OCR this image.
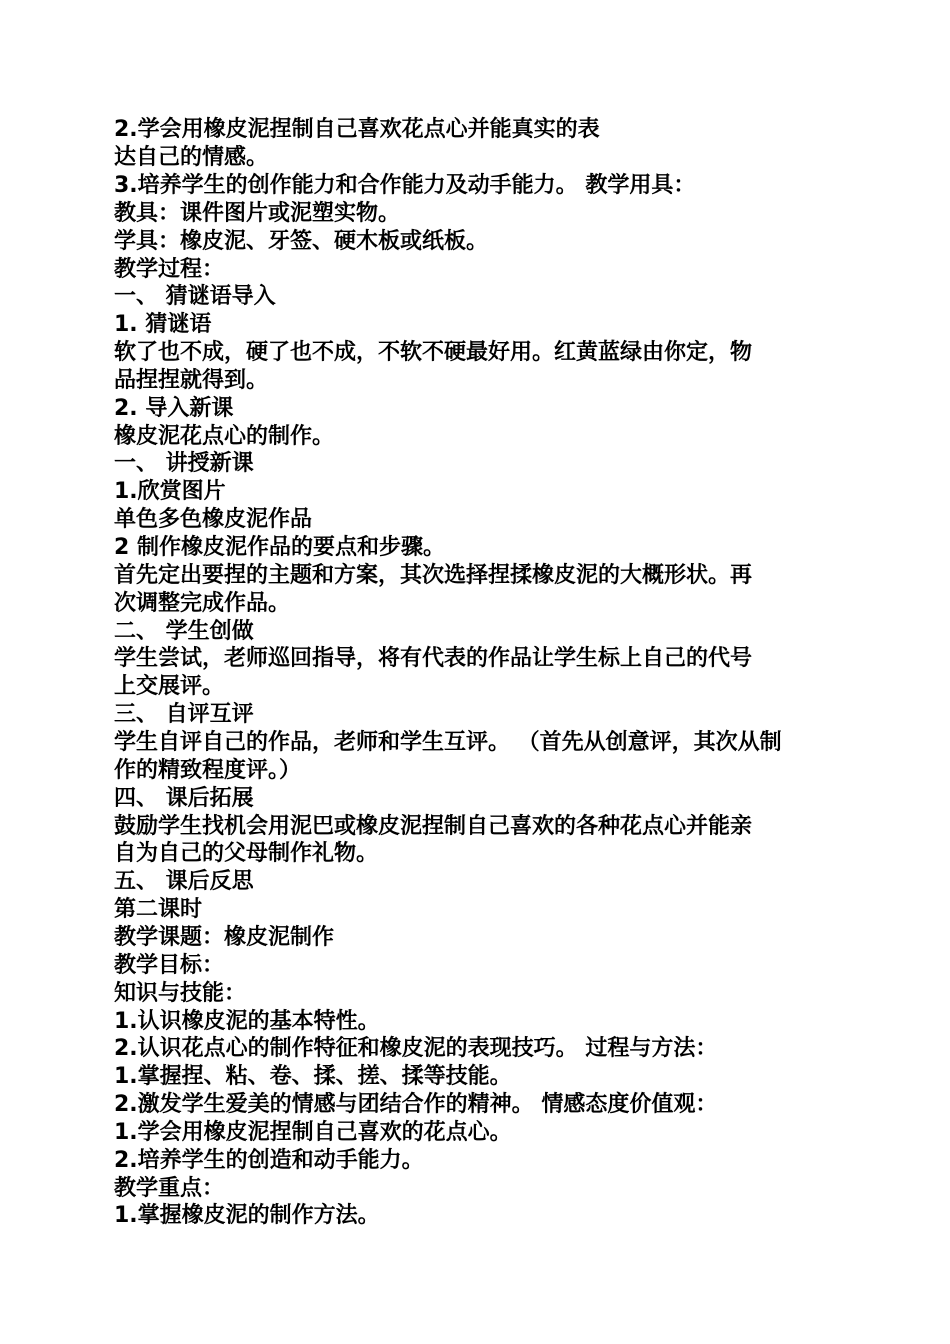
2.学会用橡皮泥捏制自己喜欢花点心并能真实的表
达自己的情感。
3.培养学生的创作能力和合作能力及动手能力。 教学用具：
教具：课件图片或泥塑实物。
学具：橡皮泥、牙签、硬木板或纸板。
教学过程：
一、 猜谜语导入
1. 猜谜语
软了也不成，硬了也不成，不软不硬最好用。红黄蓝绿由你定，物
品捏捏就得到。
2. 导入新课
橡皮泥花点心的制作。
一、 讲授新课
1.欣赏图片
单色多色橡皮泥作品
2 制作橡皮泥作品的要点和步骤。
首先定出要捏的主题和方案，其次选择捏揉橡皮泥的大概形状。再
次调整完成作品。
二、 学生创做
学生尝试，老师巡回指导，将有代表的作品让学生标上自己的代号
上交展评。
三、 自评互评
学生自评自己的作品，老师和学生互评。 （首先从创意评，其次从制
作的精致程度评。）
四、 课后拓展
鼓励学生找机会用泥巴或橡皮泥捏制自己喜欢的各种花点心并能亲
自为自己的父母制作礼物。
五、 课后反思
第二课时
教学课题：橡皮泥制作
教学目标：
知识与技能：
1.认识橡皮泥的基本特性。
2.认识花点心的制作特征和橡皮泥的表现技巧。 过程与方法：
1.掌握捏、粘、卷、揉、搓、揉等技能。
2.激发学生爱美的情感与团结合作的精神。 情感态度价值观：
1.学会用橡皮泥捏制自己喜欢的花点心。
2.培养学生的创造和动手能力。
教学重点：
1.掌握橡皮泥的制作方法。
